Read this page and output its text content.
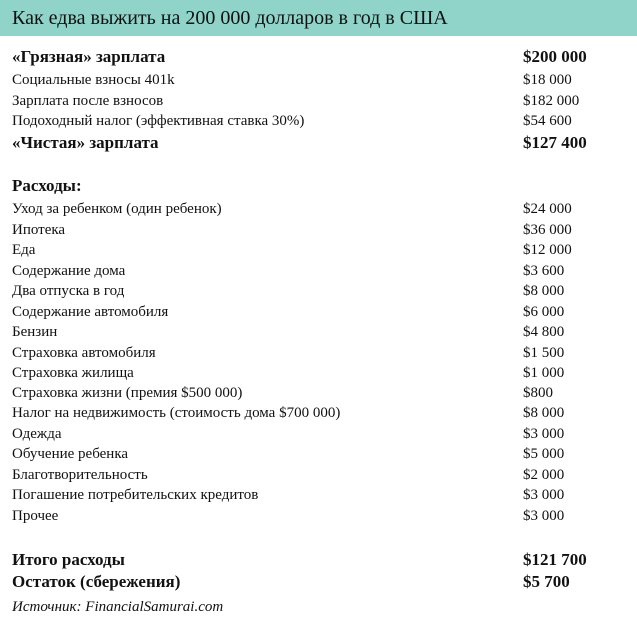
Как едва выжить на 200 000 долларов в год в США
«Грязная» зарплата	$200 000
Социальные взносы 401k	$18 000
Зарплата после взносов	$182 000
Подоходный налог (эффективная ставка 30%)	$54 600
«Чистая» зарплата	$127 400
Расходы:
Уход за ребенком (один ребенок)	$24 000
Ипотека	$36 000
Еда	$12 000
Содержание дома	$3 600
Два отпуска в год	$8 000
Содержание автомобиля	$6 000
Бензин	$4 800
Страховка автомобиля	$1 500
Страховка жилища	$1 000
Страховка жизни (премия $500 000)	$800
Налог на недвижимость (стоимость дома $700 000)	$8 000
Одежда	$3 000
Обучение ребенка	$5 000
Благотворительность	$2 000
Погашение потребительских кредитов	$3 000
Прочее	$3 000
Итого расходы	$121 700
Остаток (сбережения)	$5 700
Источник: FinancialSamurai.com
